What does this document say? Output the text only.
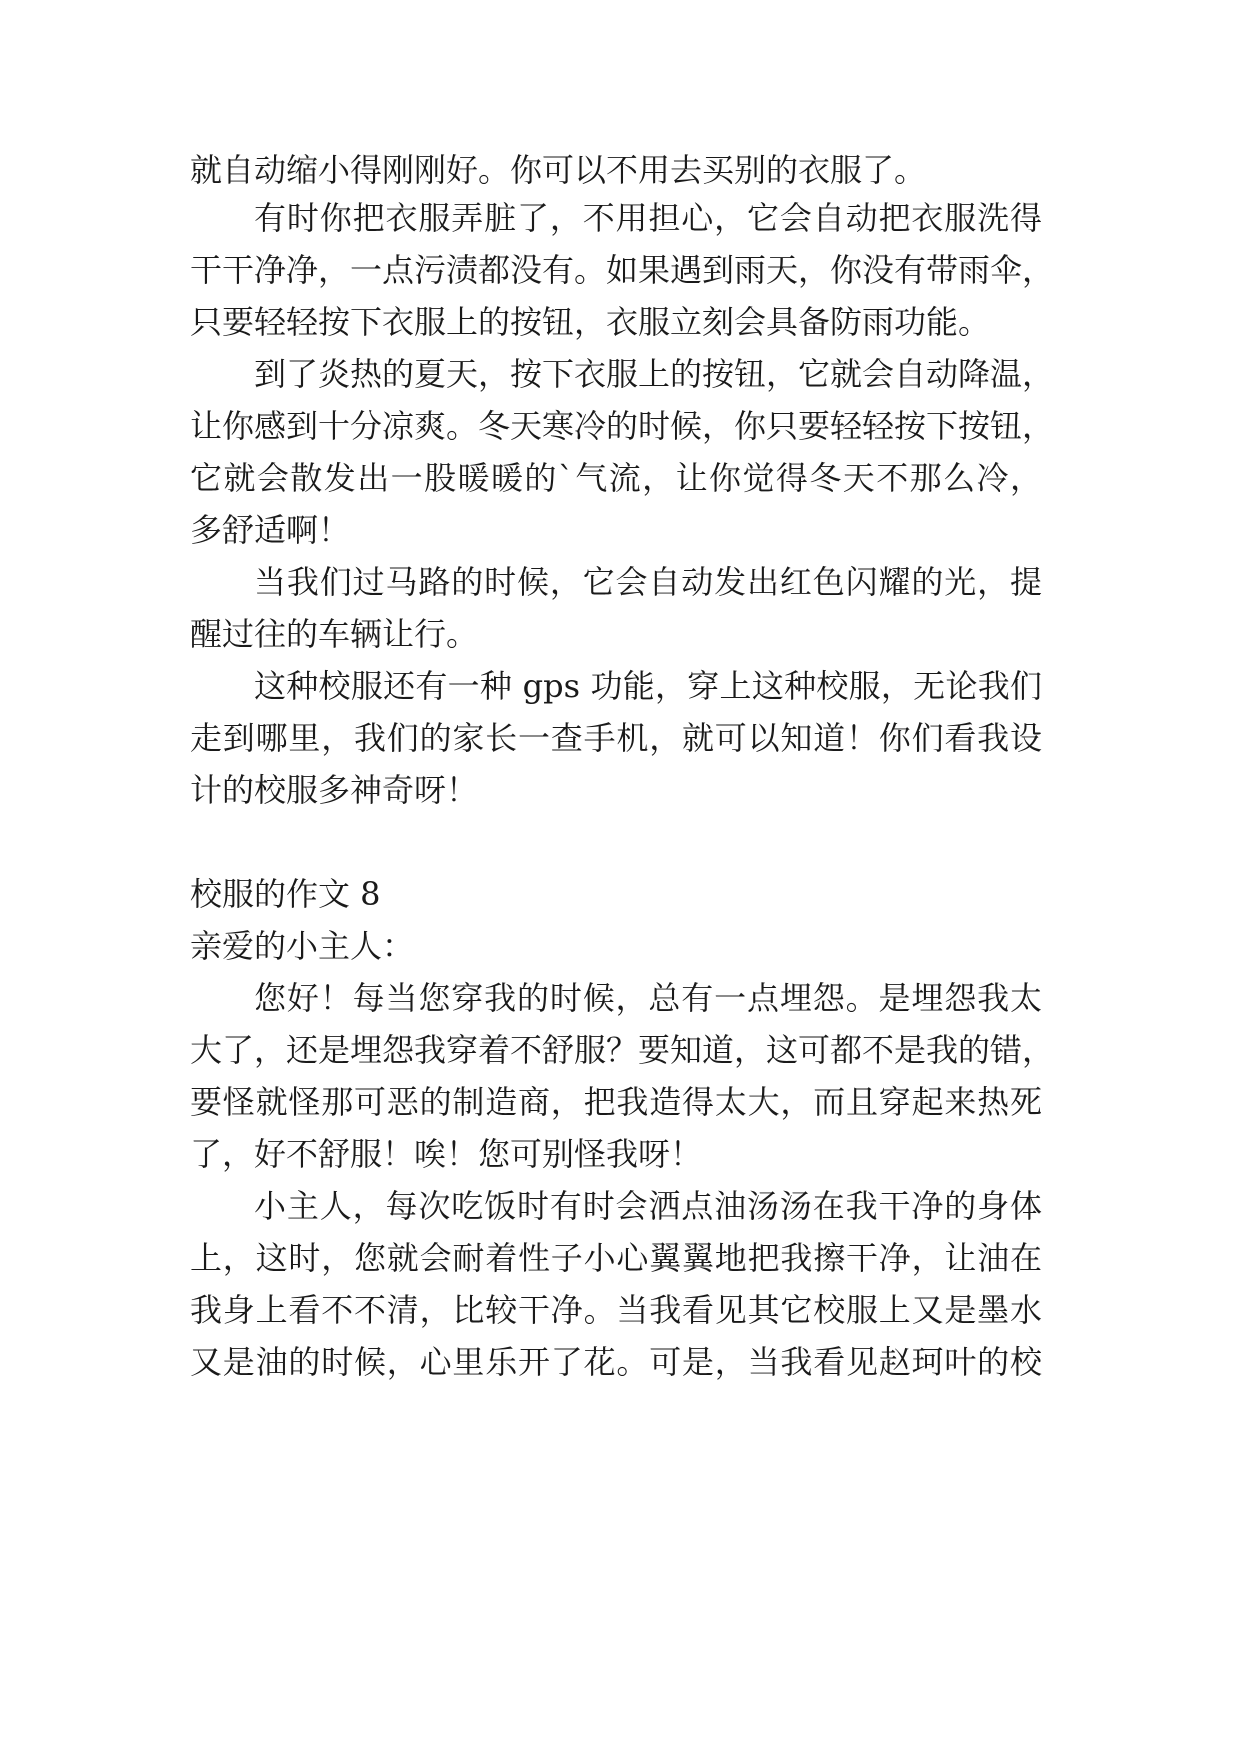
就自动缩小得刚刚好。你可以不用去买别的衣服了。
有时你把衣服弄脏了，不用担心，它会自动把衣服洗得
干干净净，一点污渍都没有。如果遇到雨天，你没有带雨伞，
只要轻轻按下衣服上的按钮，衣服立刻会具备防雨功能。
到了炎热的夏天，按下衣服上的按钮，它就会自动降温，
让你感到十分凉爽。冬天寒冷的时候，你只要轻轻按下按钮，
它就会散发出一股暖暖的`气流，让你觉得冬天不那么冷，
多舒适啊！
当我们过马路的时候，它会自动发出红色闪耀的光，提
醒过往的车辆让行。
这种校服还有一种 gps 功能，穿上这种校服，无论我们
走到哪里，我们的家长一查手机，就可以知道！你们看我设
计的校服多神奇呀！
校服的作文 8
亲爱的小主人：
您好！每当您穿我的时候，总有一点埋怨。是埋怨我太
大了，还是埋怨我穿着不舒服？要知道，这可都不是我的错，
要怪就怪那可恶的制造商，把我造得太大，而且穿起来热死
了，好不舒服！唉！您可别怪我呀！
小主人，每次吃饭时有时会洒点油汤汤在我干净的身体
上，这时，您就会耐着性子小心翼翼地把我擦干净，让油在
我身上看不不清，比较干净。当我看见其它校服上又是墨水
又是油的时候，心里乐开了花。可是，当我看见赵珂叶的校
